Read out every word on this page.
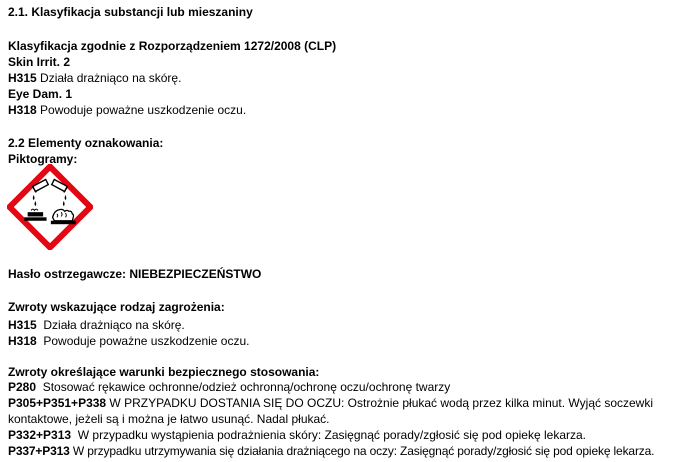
2.1. Klasyfikacja substancji lub mieszaniny
Klasyfikacja zgodnie z Rozporządzeniem 1272/2008 (CLP)
Skin Irrit. 2
H315 Działa drażniąco na skórę.
Eye Dam. 1
H318 Powoduje poważne uszkodzenie oczu.
2.2 Elementy oznakowania:
Piktogramy:
Hasło ostrzegawcze: NIEBEZPIECZEŃSTWO
Zwroty wskazujące rodzaj zagrożenia:
H315  Działa drażniąco na skórę.
H318  Powoduje poważne uszkodzenie oczu.
Zwroty określające warunki bezpiecznego stosowania:
P280  Stosować rękawice ochronne/odzież ochronną/ochronę oczu/ochronę twarzy
P305+P351+P338 W PRZYPADKU DOSTANIA SIĘ DO OCZU: Ostrożnie płukać wodą przez kilka minut. Wyjąć soczewki
kontaktowe, jeżeli są i można je łatwo usunąć. Nadal płukać.
P332+P313  W przypadku wystąpienia podrażnienia skóry: Zasięgnąć porady/zgłosić się pod opiekę lekarza.
P337+P313 W przypadku utrzymywania się działania drażniącego na oczy: Zasięgnąć porady/zgłosić się pod opiekę lekarza.
